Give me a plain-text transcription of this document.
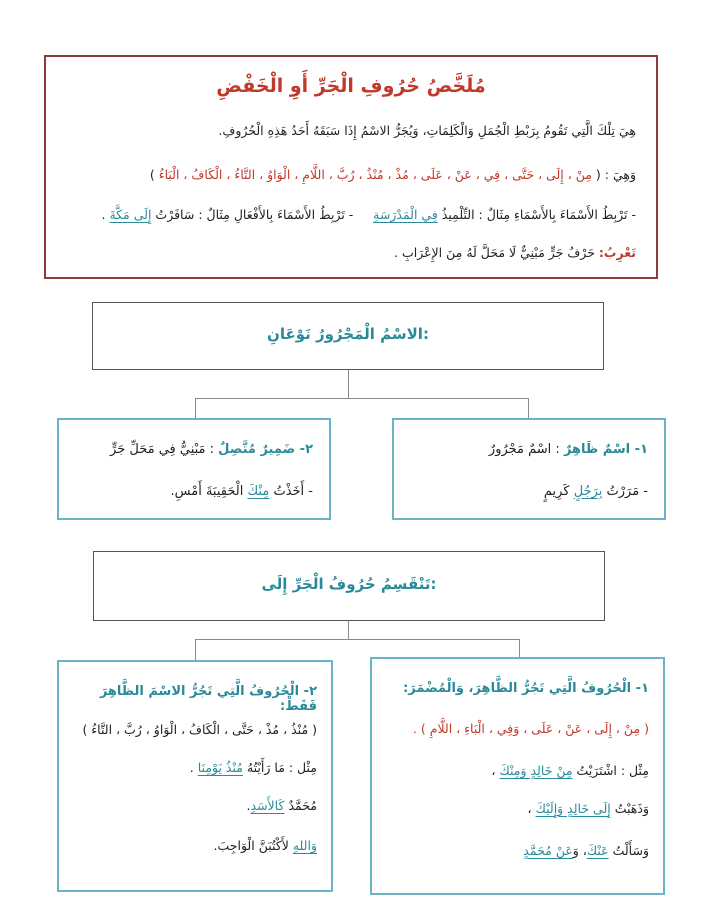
مُلَخَّصُ حُرُوفِ الْجَرِّ أَوِ الْخَفْضِ
هِيَ تِلْكَ الَّتِي تَقُومُ بِرَبْطِ الْجُمَلِ وَالْكَلِمَاتِ، وَيُجَرُّ الاسْمُ إِذَا سَبَقَهُ أَحَدُ هَذِهِ الْحُرُوفِ.
وَهِيَ : ( مِنْ ، إِلَى ، حَتَّى ، فِي ، عَنْ ، عَلَى ، مُذْ ، مُنْذُ ، رُبَّ ، اللَّامِ ، الْوَاوُ ، التَّاءُ ، الْكَافُ ، الْبَاءُ )
- تَرْبِطُ الأَسْمَاءَ بِالأَسْمَاءِ مِثَالٌ : التِّلْمِيذُ فِي الْمَدْرَسَةِ     - تَرْبِطُ الأَسْمَاءَ بِالأَفْعَالِ مِثَالٌ : سَافَرْتُ إِلَى مَكَّةَ .
تَعْرِبُ: حَرْفُ جَرٍّ مَبْنِيٌّ لَا مَحَلَّ لَهُ مِنَ الإِعْرَابِ .
الاسْمُ الْمَجْرُورُ نَوْعَانِ:
١- اسْمٌ ظَاهِرٌ : اسْمٌ مَجْرُورٌ
- مَرَرْتُ بِرَجُلٍ كَرِيمٍ
٢- ضَمِيرٌ مُتَّصِلٌ : مَبْنِيٌّ فِي مَحَلِّ جَرٍّ
- أَخَذْتُ مِنْكَ الْحَقِيبَةَ أَمْسِ.
تَنْقَسِمُ حُرُوفُ الْجَرِّ إِلَى:
١- الْحُرُوفُ الَّتِي تَجُرُّ الظَّاهِرَ، وَالْمُضْمَرَ:
( مِنْ ، إِلَى ، عَنْ ، عَلَى ، وَفِي ، الْبَاءِ ، اللَّامِ ) .
مِثْل : اشْتَرَيْتُ مِنْ خَالِدٍ وَمِنْكَ ،
وَذَهَبْتُ إِلَى خَالِدٍ وَإِلَيْكَ ،
وَسَأَلْتُ عَنْكَ، وَعَنْ مُحَمَّدٍ
٢- الْحُرُوفُ الَّتِي تَجُرُّ الاسْمَ الظَّاهِرَ فَقَطْ:
( مُنْذُ ، مُذْ ، حَتَّى ، الْكَافُ ، الْوَاوُ ، رُبَّ ، التَّاءُ )
مِثْل : مَا رَأَيْتُهُ مُنْذُ يَوْمِنَا .
مُحَمَّدٌ كَالأَسَدِ.
وَاللهِ لأَكْتُبَنَّ الْوَاجِبَ.
